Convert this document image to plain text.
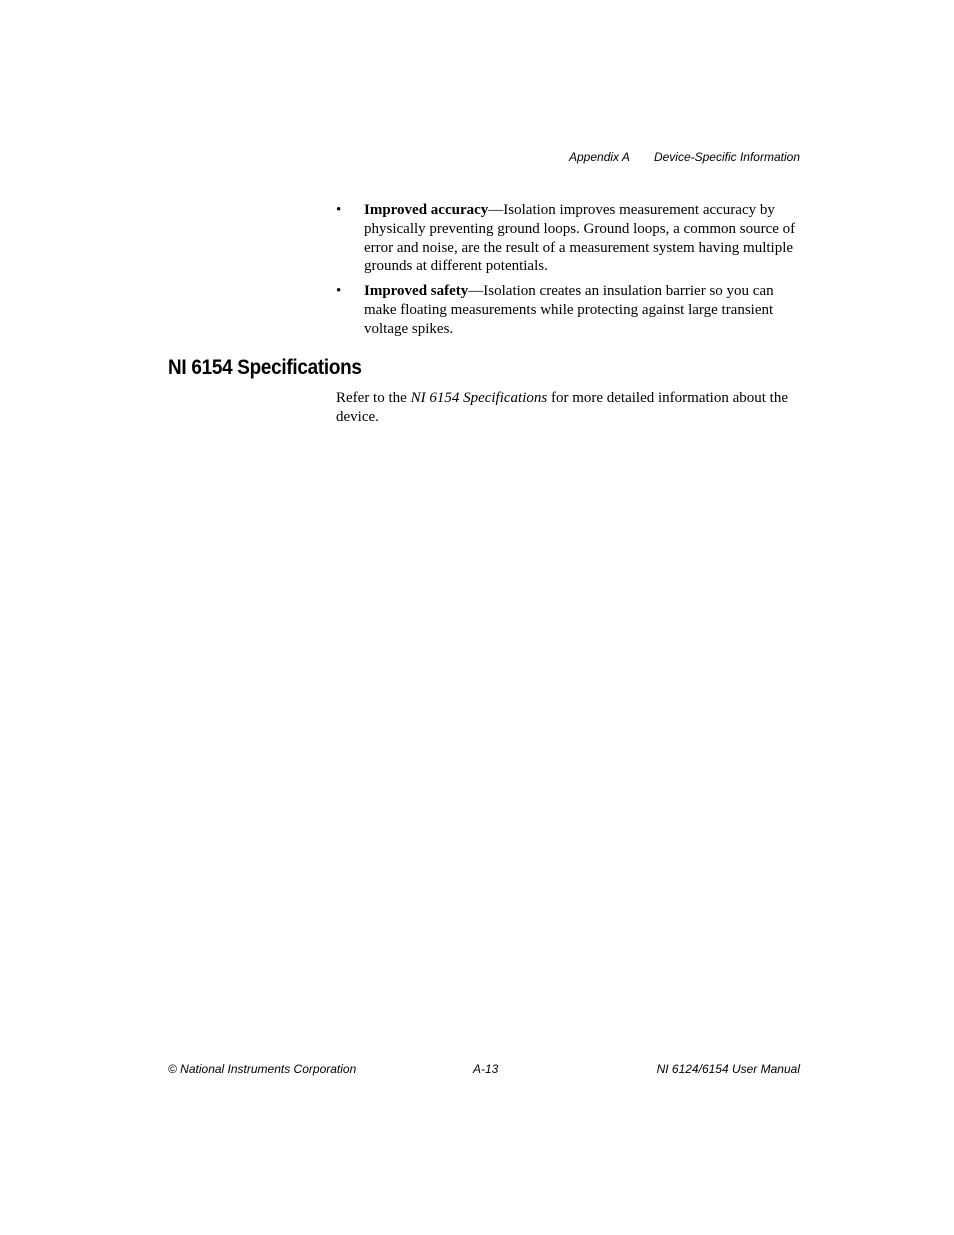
Appendix A Device-Specific Information
• Improved accuracy—Isolation improves measurement accuracy by physically preventing ground loops. Ground loops, a common source of error and noise, are the result of a measurement system having multiple grounds at different potentials.
• Improved safety—Isolation creates an insulation barrier so you can make floating measurements while protecting against large transient voltage spikes.
NI 6154 Specifications

Refer to the NI 6154 Specifications for more detailed information about the device.

© National Instruments Corporation	A-13	NI 6124/6154 User Manual
